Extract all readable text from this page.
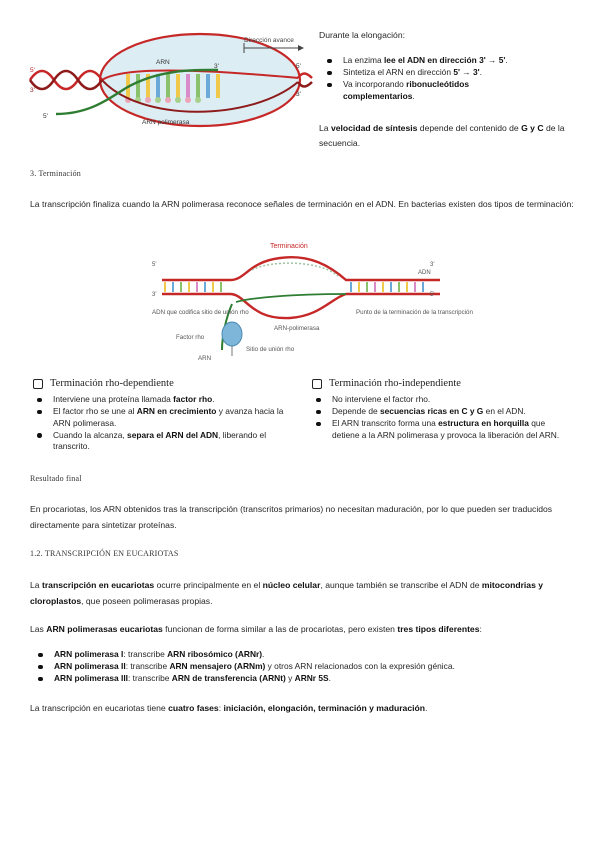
Dirección avance
ARN
ARN polimerasa
5'
3'
5'
3'	5'
3'
Durante la elongación:
La enzima lee el ADN en dirección 3' → 5'.
Sintetiza el ARN en dirección 5' → 3'.
Va incorporando ribonucleótidos complementarios.
La velocidad de síntesis depende del contenido de G y C de la secuencia.
3. Terminación
La transcripción finaliza cuando la ARN polimerasa reconoce señales de terminación en el ADN. En bacterias existen dos tipos de terminación:
Terminación
5'
3'
3'
5'
ADN
ADN que codifica sitio de unión rho
ARN-polimerasa
Punto de la terminación de la transcripción
Factor rho
ARN
Sitio de unión rho
Terminación rho-dependiente
Interviene una proteína llamada factor rho.
El factor rho se une al ARN en crecimiento y avanza hacia la ARN polimerasa.
Cuando la alcanza, separa el ARN del ADN, liberando el transcrito.
Terminación rho-independiente
No interviene el factor rho.
Depende de secuencias ricas en C y G en el ADN.
El ARN transcrito forma una estructura en horquilla que detiene a la ARN polimerasa y provoca la liberación del ARN.
Resultado final
En procariotas, los ARN obtenidos tras la transcripción (transcritos primarios) no necesitan maduración, por lo que pueden ser traducidos directamente para sintetizar proteínas.
1.2. TRANSCRIPCIÓN EN EUCARIOTAS
La transcripción en eucariotas ocurre principalmente en el núcleo celular, aunque también se transcribe el ADN de mitocondrias y cloroplastos, que poseen polimerasas propias.
Las ARN polimerasas eucariotas funcionan de forma similar a las de procariotas, pero existen tres tipos diferentes:
ARN polimerasa I: transcribe ARN ribosómico (ARNr).
ARN polimerasa II: transcribe ARN mensajero (ARNm) y otros ARN relacionados con la expresión génica.
ARN polimerasa III: transcribe ARN de transferencia (ARNt) y ARNr 5S.
La transcripción en eucariotas tiene cuatro fases: iniciación, elongación, terminación y maduración.
